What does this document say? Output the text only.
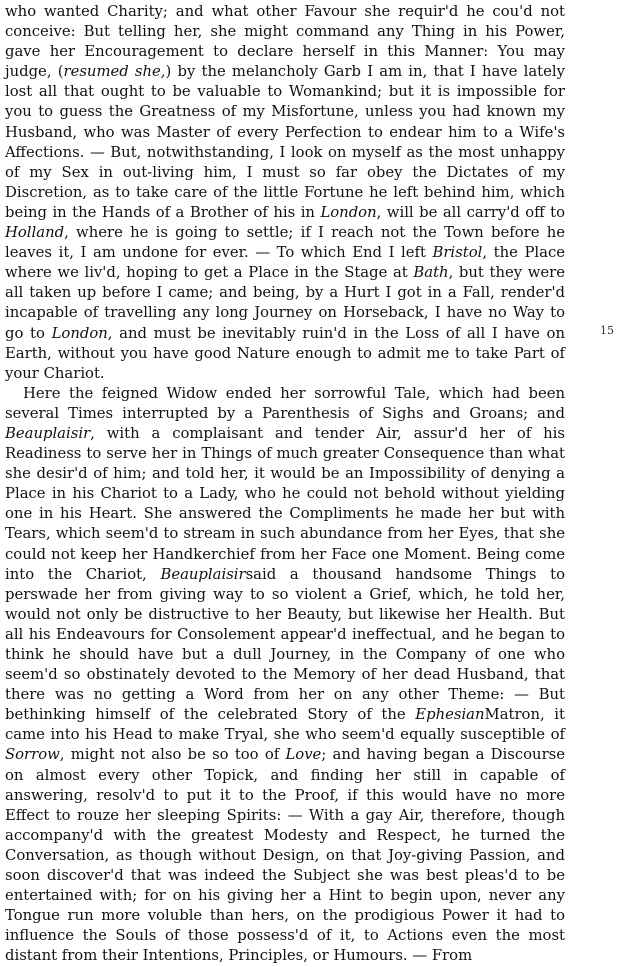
who wanted Charity; and what other Favour she requir'd he cou'd not conceive: But telling her, she might command any Thing in his Power, gave her Encouragement to declare herself in this Manner: You may judge, (resumed she,) by the melancholy Garb I am in, that I have lately lost all that ought to be valuable to Womankind; but it is impossible for you to guess the Greatness of my Misfortune, unless you had known my Husband, who was Master of every Perfection to endear him to a Wife's Affections. — But, notwithstanding, I look on myself as the most unhappy of my Sex in out-living him, I must so far obey the Dictates of my Discretion, as to take care of the little Fortune he left behind him, which being in the Hands of a Brother of his in London, will be all carry'd off to Holland, where he is going to settle; if I reach not the Town before he leaves it, I am undone for ever. — To which End I left Bristol, the Place where we liv'd, hoping to get a Place in the Stage at Bath, but they were all taken up before I came; and being, by a Hurt I got in a Fall, render'd incapable of travelling any long Journey on Horseback, I have no Way to go to London, and must be inevitably ruin'd in the Loss of all I have on Earth, without you have good Nature enough to admit me to take Part of your Chariot.

Here the feigned Widow ended her sorrowful Tale, which had been several Times interrupted by a Parenthesis of Sighs and Groans; and Beauplaisir, with a complaisant and tender Air, assur'd her of his Readiness to serve her in Things of much greater Consequence than what she desir'd of him; and told her, it would be an Impossibility of denying a Place in his Chariot to a Lady, who he could not behold without yielding one in his Heart. She answered the Compliments he made her but with Tears, which seem'd to stream in such abundance from her Eyes, that she could not keep her Handkerchief from her Face one Moment. Being come into the Chariot, Beauplaisirsaid a thousand handsome Things to perswade her from giving way to so violent a Grief, which, he told her, would not only be distructive to her Beauty, but likewise her Health. But all his Endeavours for Consolement appear'd ineffectual, and he began to think he should have but a dull Journey, in the Company of one who seem'd so obstinately devoted to the Memory of her dead Husband, that there was no getting a Word from her on any other Theme: — But bethinking himself of the celebrated Story of the EphesianMatron, it came into his Head to make Tryal, she who seem'd equally susceptible of Sorrow, might not also be so too of Love; and having began a Discourse on almost every other Topick, and finding her still in capable of answering, resolv'd to put it to the Proof, if this would have no more Effect to rouze her sleeping Spirits: — With a gay Air, therefore, though accompany'd with the greatest Modesty and Respect, he turned the Conversation, as though without Design, on that Joy-giving Passion, and soon discover'd that was indeed the Subject she was best pleas'd to be entertained with; for on his giving her a Hint to begin upon, never any Tongue run more voluble than hers, on the prodigious Power it had to influence the Souls of those possess'd of it, to Actions even the most distant from their Intentions, Principles, or Humours. — From

15
